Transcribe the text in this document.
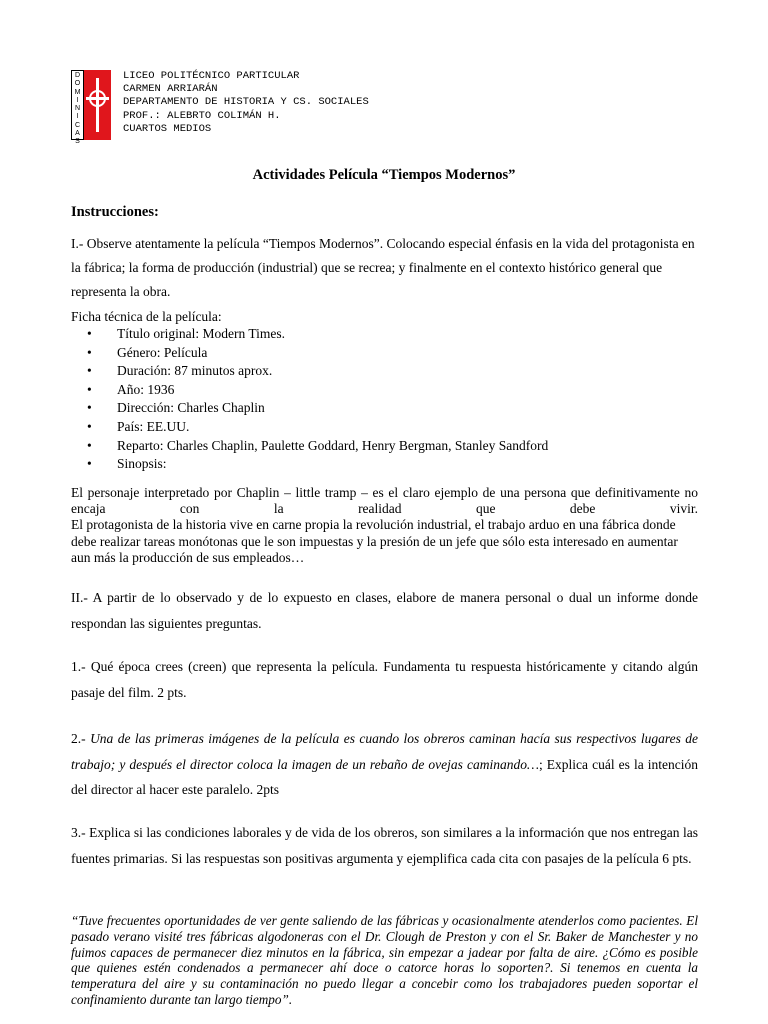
D
O
M
I
N
I
C
A
S
LICEO POLITÉCNICO PARTICULAR
CARMEN ARRIARÁN
DEPARTAMENTO DE HISTORIA Y CS. SOCIALES
PROF.: ALEBRTO COLIMÁN H.
CUARTOS MEDIOS
Actividades Película “Tiempos Modernos”
Instrucciones:
I.- Observe atentamente la película “Tiempos Modernos”. Colocando especial énfasis en la vida del protagonista en la fábrica; la forma de producción (industrial) que se recrea; y finalmente en el contexto histórico general que representa la obra.
Ficha técnica de la película:
• Título original: Modern Times.
• Género: Película
• Duración: 87 minutos aprox.
• Año: 1936
• Dirección: Charles Chaplin
• País: EE.UU.
• Reparto: Charles Chaplin, Paulette Goddard, Henry Bergman, Stanley Sandford
• Sinopsis:
El personaje interpretado por Chaplin – little tramp – es el claro ejemplo de una persona que definitivamente no
encaja con la realidad que debe vivir.
El protagonista de la historia vive en carne propia la revolución industrial, el trabajo arduo en una fábrica donde debe realizar tareas monótonas que le son impuestas y la presión de un jefe que sólo esta interesado en aumentar aun más la producción de sus empleados…
II.- A partir de lo observado y de lo expuesto en clases, elabore de manera personal o dual un informe donde respondan las siguientes preguntas.
1.- Qué época crees (creen) que representa la película. Fundamenta tu respuesta históricamente y citando algún pasaje del film. 2 pts.
2.- Una de las primeras imágenes de la película es cuando los obreros caminan hacía sus respectivos lugares de trabajo; y después el director coloca la imagen de un rebaño de ovejas caminando…; Explica cuál es la intención del director al hacer este paralelo. 2pts
3.- Explica si las condiciones laborales y de vida de los obreros, son similares a la información que nos entregan las fuentes primarias. Si las respuestas son positivas argumenta y ejemplifica cada cita con pasajes de la película 6 pts.
“Tuve frecuentes oportunidades de ver gente saliendo de las fábricas y ocasionalmente atenderlos como pacientes. El pasado verano visité tres fábricas algodoneras con el Dr. Clough de Preston y con el Sr. Baker de Manchester y no fuimos capaces de permanecer diez minutos en la fábrica, sin empezar a jadear por falta de aire. ¿Cómo es posible que quienes estén condenados a permanecer ahí doce o catorce horas lo soporten?. Si tenemos en cuenta la temperatura del aire y su contaminación no puedo llegar a concebir como los trabajadores pueden soportar el confinamiento durante tan largo tiempo”.
